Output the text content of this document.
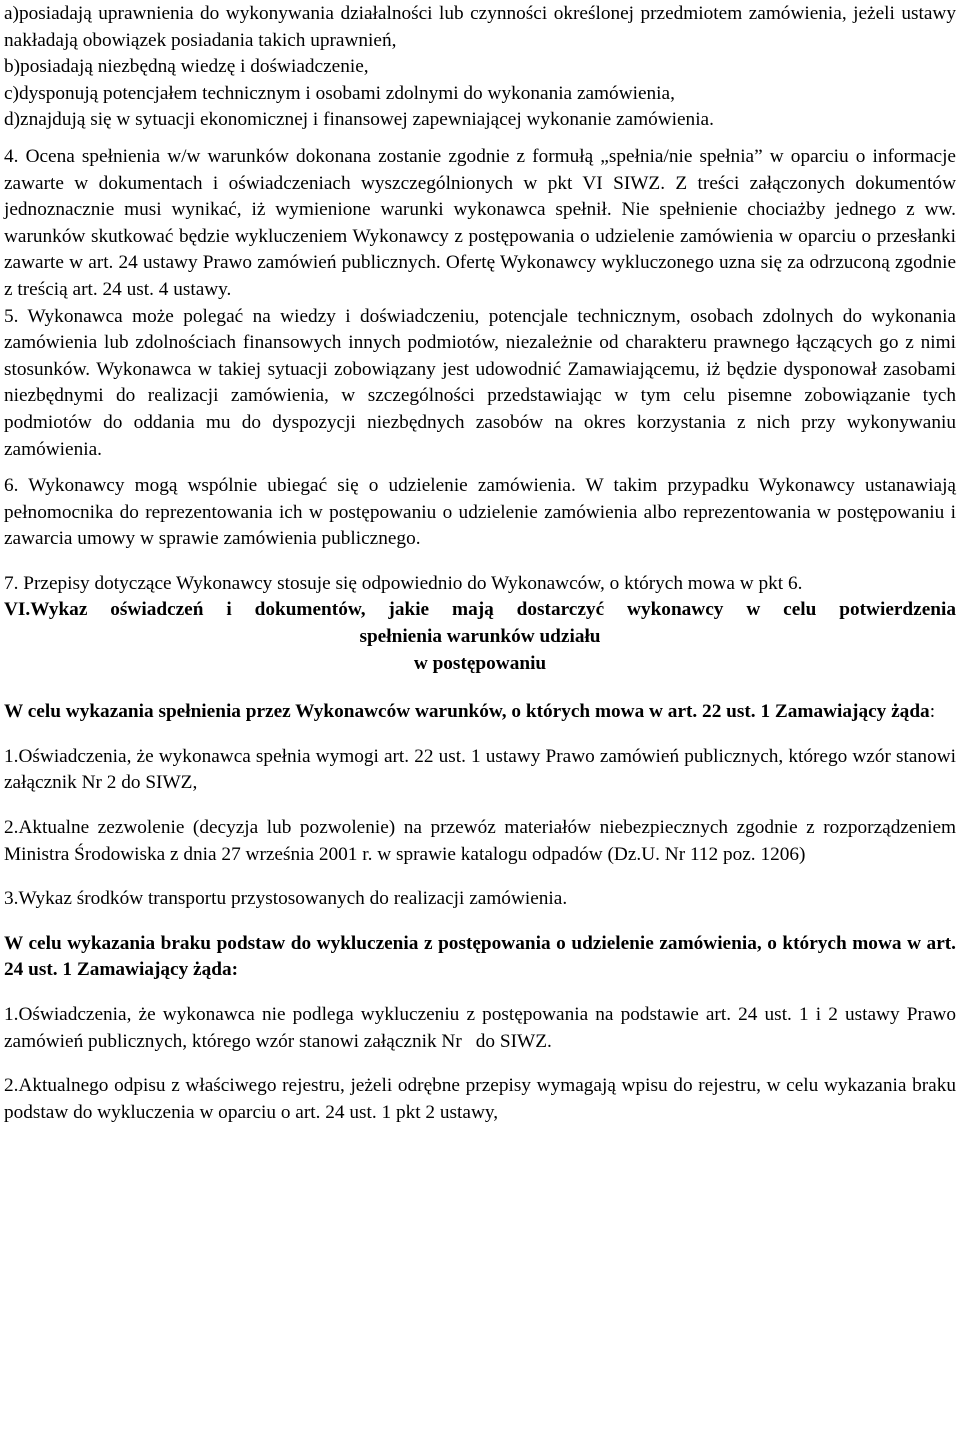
a)posiadają uprawnienia do wykonywania działalności lub czynności określonej przedmiotem zamówienia, jeżeli ustawy nakładają obowiązek posiadania takich uprawnień,

b)posiadają niezbędną wiedzę i doświadczenie,

c)dysponują potencjałem technicznym i osobami zdolnymi do wykonania zamówienia,

d)znajdują się w sytuacji ekonomicznej i finansowej zapewniającej wykonanie zamówienia.

4. Ocena spełnienia w/w warunków dokonana zostanie zgodnie z formułą „spełnia/nie spełnia” w oparciu o informacje zawarte w dokumentach i oświadczeniach wyszczególnionych w pkt VI SIWZ. Z treści załączonych dokumentów jednoznacznie musi wynikać, iż wymienione warunki wykonawca spełnił. Nie spełnienie chociażby jednego z ww. warunków skutkować będzie wykluczeniem Wykonawcy z postępowania o udzielenie zamówienia w oparciu o przesłanki zawarte w art. 24 ustawy Prawo zamówień publicznych. Ofertę Wykonawcy wykluczonego uzna się za odrzuconą zgodnie z treścią art. 24 ust. 4 ustawy.

5. Wykonawca może polegać na wiedzy i doświadczeniu, potencjale technicznym, osobach zdolnych do wykonania zamówienia lub zdolnościach finansowych innych podmiotów, niezależnie od charakteru prawnego łączących go z nimi stosunków. Wykonawca w takiej sytuacji zobowiązany jest udowodnić Zamawiającemu, iż będzie dysponował zasobami niezbędnymi do realizacji zamówienia, w szczególności przedstawiając w tym celu pisemne zobowiązanie tych podmiotów do oddania mu do dyspozycji niezbędnych zasobów na okres korzystania z nich przy wykonywaniu zamówienia.

6. Wykonawcy mogą wspólnie ubiegać się o udzielenie zamówienia. W takim przypadku Wykonawcy ustanawiają pełnomocnika do reprezentowania ich w postępowaniu o udzielenie zamówienia albo reprezentowania w postępowaniu i zawarcia umowy w sprawie zamówienia publicznego.

7. Przepisy dotyczące Wykonawcy stosuje się odpowiednio do Wykonawców, o których mowa w pkt 6.

VI.Wykaz oświadczeń i dokumentów, jakie mają dostarczyć wykonawcy w celu potwierdzenia
spełnienia warunków udziału
w postępowaniu

W celu wykazania spełnienia przez Wykonawców warunków, o których mowa w art. 22 ust. 1 Zamawiający żąda:

1.Oświadczenia, że wykonawca spełnia wymogi art. 22 ust. 1 ustawy Prawo zamówień publicznych, którego wzór stanowi załącznik Nr 2 do SIWZ,

2.Aktualne zezwolenie (decyzja lub pozwolenie) na przewóz materiałów niebezpiecznych zgodnie z rozporządzeniem Ministra Środowiska z dnia 27 września 2001 r. w sprawie katalogu odpadów (Dz.U. Nr 112 poz. 1206)

3.Wykaz środków transportu przystosowanych do realizacji zamówienia.

W celu wykazania braku podstaw do wykluczenia z postępowania o udzielenie zamówienia, o których mowa w art. 24 ust. 1 Zamawiający żąda:

1.Oświadczenia, że wykonawca nie podlega wykluczeniu z postępowania na podstawie art. 24 ust. 1 i 2 ustawy Prawo zamówień publicznych, którego wzór stanowi załącznik Nr do SIWZ.

2.Aktualnego odpisu z właściwego rejestru, jeżeli odrębne przepisy wymagają wpisu do rejestru, w celu wykazania braku podstaw do wykluczenia w oparciu o art. 24 ust. 1 pkt 2 ustawy,
